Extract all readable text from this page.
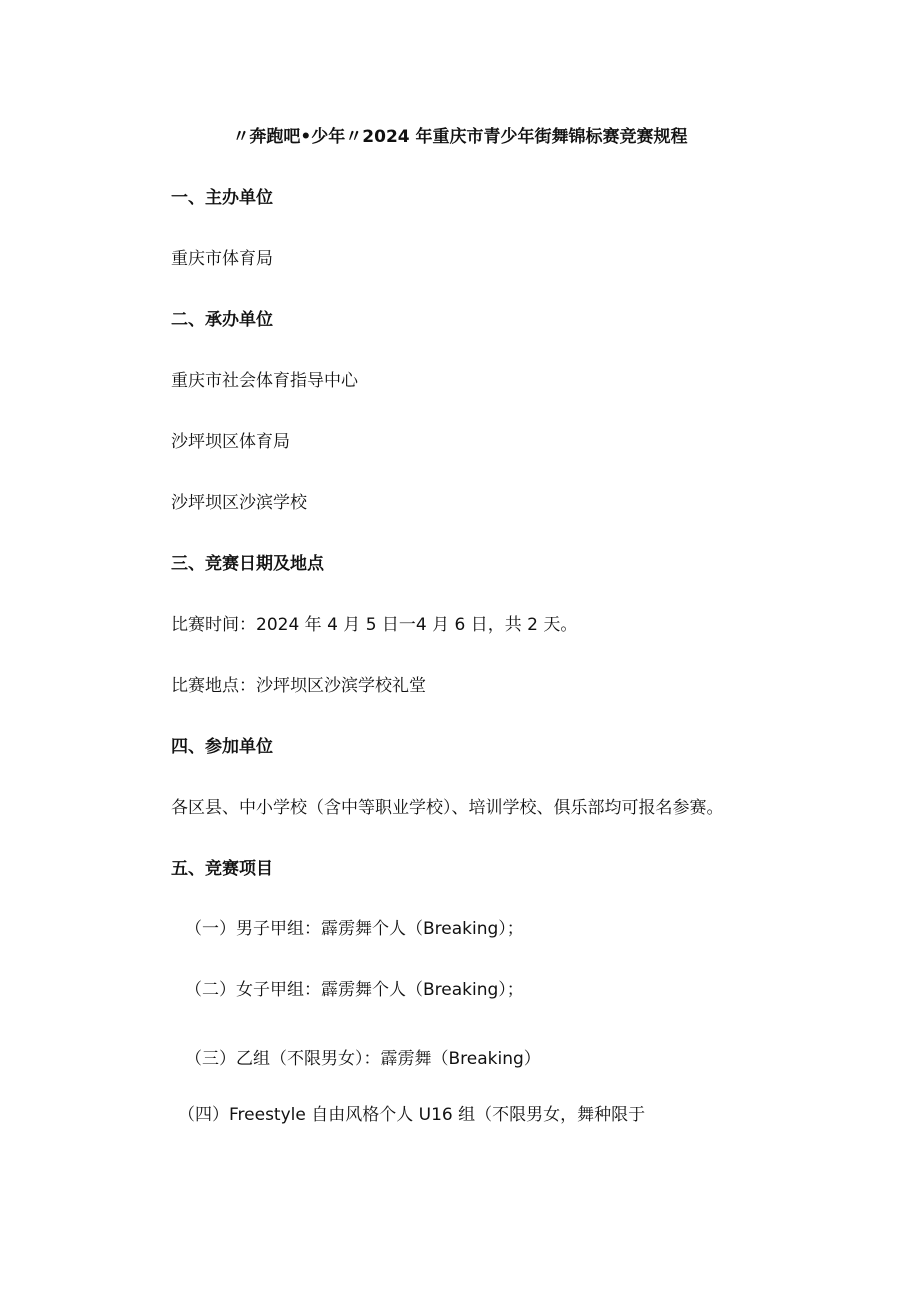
〃奔跑吧•少年〃2024 年重庆市青少年街舞锦标赛竞赛规程
一、主办单位
重庆市体育局
二、承办单位
重庆市社会体育指导中心
沙坪坝区体育局
沙坪坝区沙滨学校
三、竞赛日期及地点
比赛时间：2024 年 4 月 5 日一4 月 6 日，共 2 天。
比赛地点：沙坪坝区沙滨学校礼堂
四、参加单位
各区县、中小学校（含中等职业学校）、培训学校、俱乐部均可报名参赛。
五、竞赛项目
（一）男子甲组：霹雳舞个人（Breaking）；
（二）女子甲组：霹雳舞个人（Breaking）；
（三）乙组（不限男女）：霹雳舞（Breaking）
（四）Freestyle 自由风格个人 U16 组（不限男女，舞种限于
